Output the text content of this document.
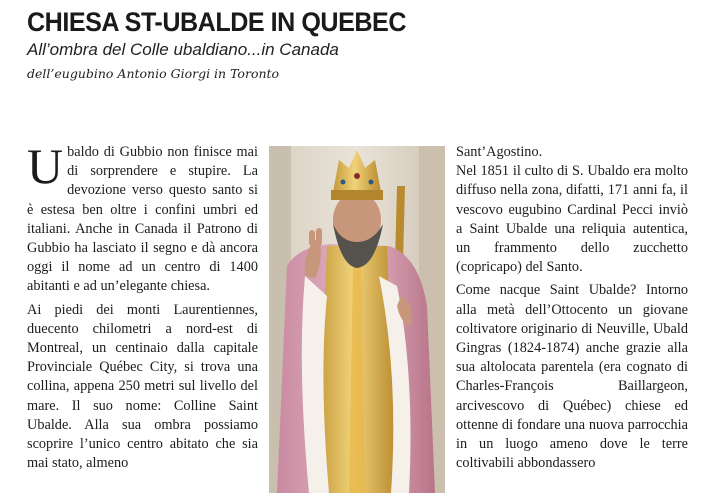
CHIESA ST-UBALDE IN QUEBEC
All’ombra del Colle ubaldiano...in Canada
dell’eugubino Antonio Giorgi in Toronto
U baldo di Gubbio non finisce mai di sorprendere e stupire. La devozione verso questo santo si è estesa ben oltre i confini umbri ed italiani. Anche in Canada il Patrono di Gubbio ha lasciato il segno e dà ancora oggi il nome ad un centro di 1400 abitanti e ad un’elegante chiesa.

Ai piedi dei monti Laurentiennes, duecento chilometri a nord-est di Montreal, un centinaio dalla capitale Provinciale Québec City, si trova una collina, appena 250 metri sul livello del mare. Il suo nome: Colline Saint Ubalde. Alla sua ombra possiamo scoprire l’unico centro abitato che sia mai stato, almeno

Sant’Agostino.

Nel 1851 il culto di S. Ubaldo era molto diffuso nella zona, difatti, 171 anni fa, il vescovo eugubino Cardinal Pecci inviò a Saint Ubalde una reliquia autentica, un frammento dello zucchetto (copricapo) del Santo.

Come nacque Saint Ubalde? Intorno alla metà dell’Ottocento un giovane coltivatore originario di Neuville, Ubald Gingras (1824-1874) anche grazie alla sua altolocata parentela (era cognato di Charles-François Baillargeon, arcivescovo di Québec) chiese ed ottenne di fondare una nuova parrocchia in un luogo ameno dove le terre coltivabili abbondassero
